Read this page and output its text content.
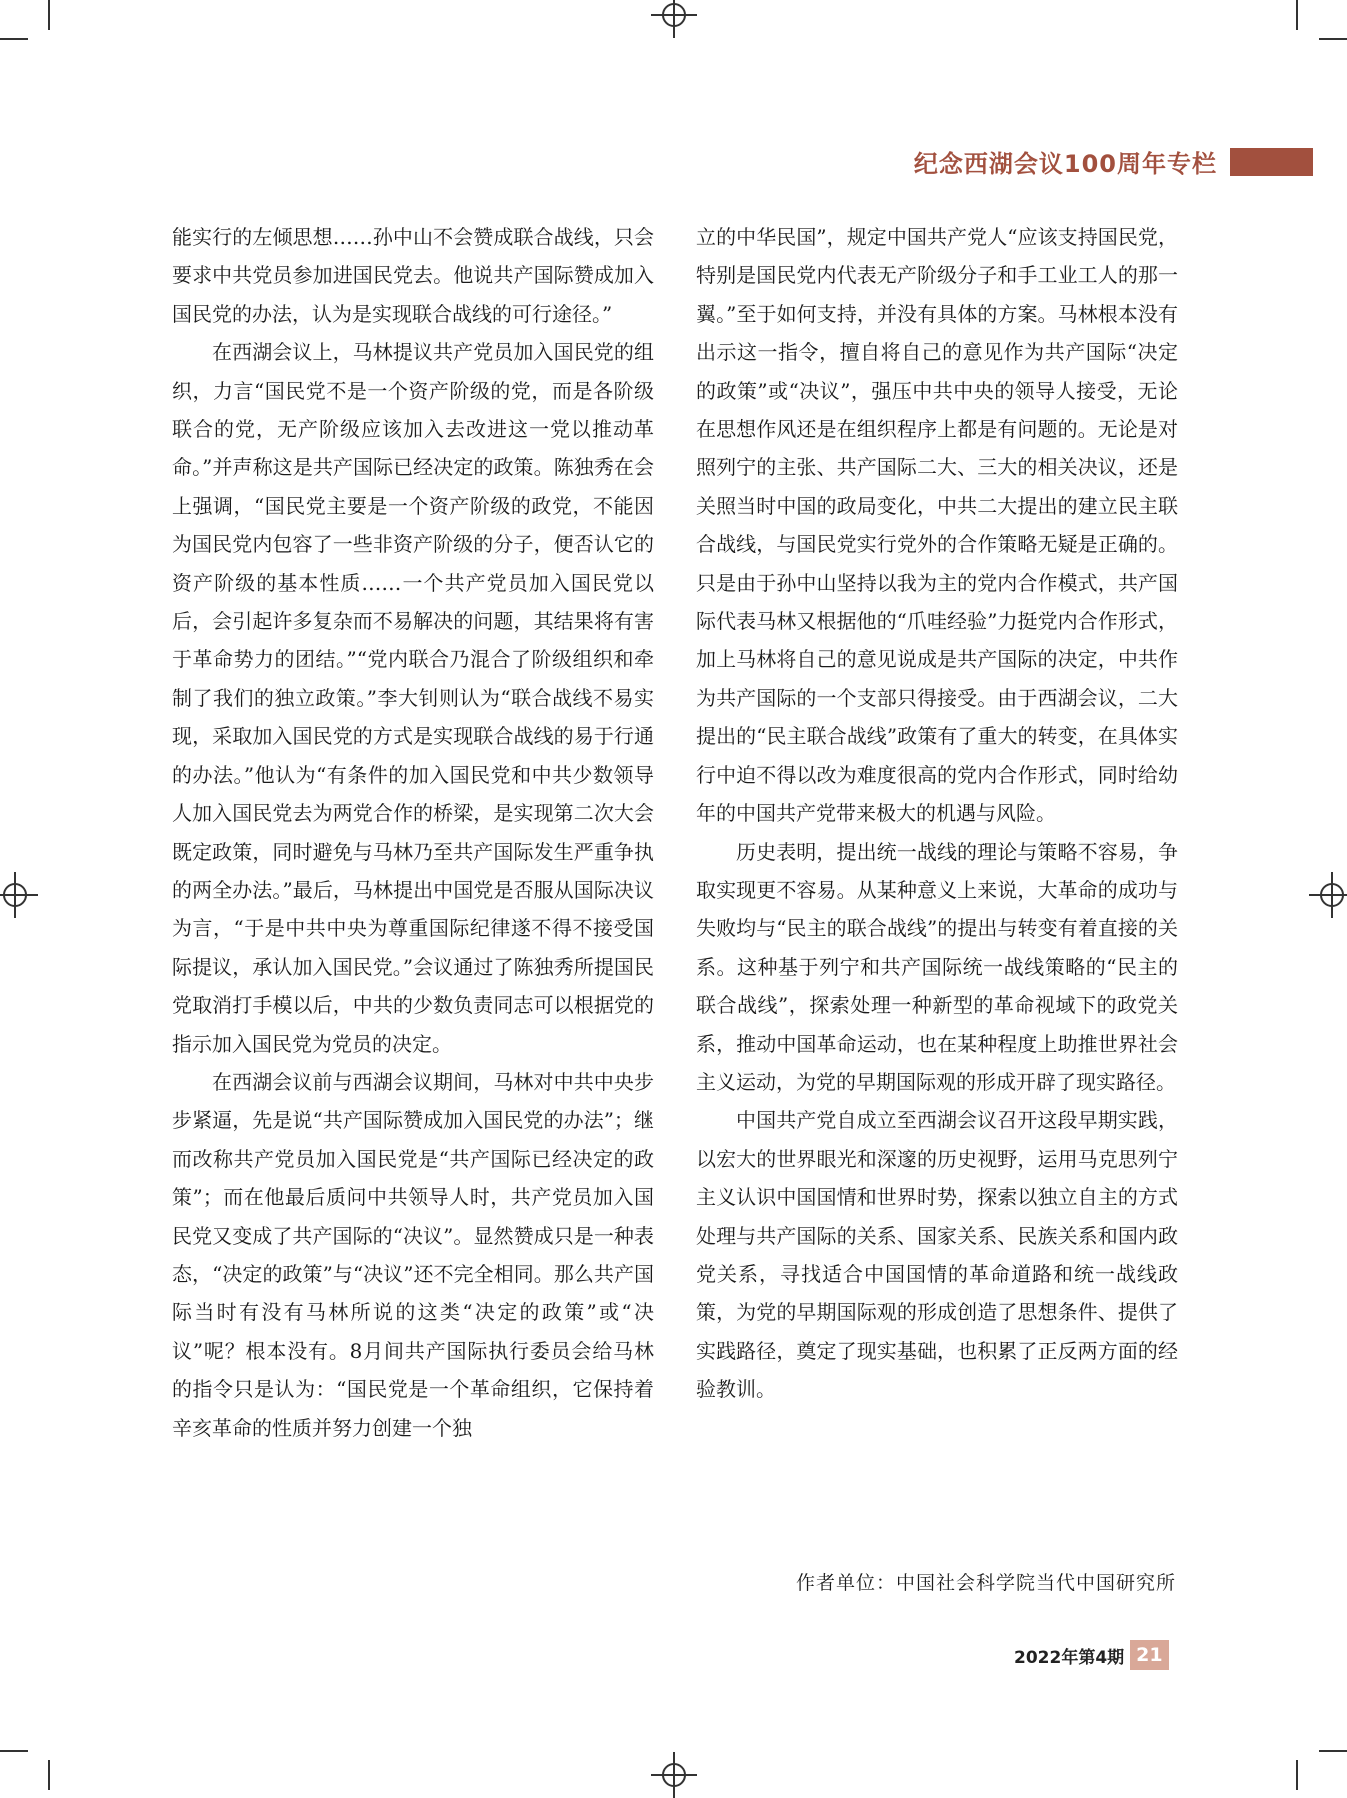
纪念西湖会议100周年专栏

能实行的左倾思想……孙中山不会赞成联合战线，只会要求中共党员参加进国民党去。他说共产国际赞成加入国民党的办法，认为是实现联合战线的可行途径。”

在西湖会议上，马林提议共产党员加入国民党的组织，力言“国民党不是一个资产阶级的党，而是各阶级联合的党，无产阶级应该加入去改进这一党以推动革命。”并声称这是共产国际已经决定的政策。陈独秀在会上强调，“国民党主要是一个资产阶级的政党，不能因为国民党内包容了一些非资产阶级的分子，便否认它的资产阶级的基本性质……一个共产党员加入国民党以后，会引起许多复杂而不易解决的问题，其结果将有害于革命势力的团结。”“党内联合乃混合了阶级组织和牵制了我们的独立政策。”李大钊则认为“联合战线不易实现，采取加入国民党的方式是实现联合战线的易于行通的办法。”他认为“有条件的加入国民党和中共少数领导人加入国民党去为两党合作的桥梁，是实现第二次大会既定政策，同时避免与马林乃至共产国际发生严重争执的两全办法。”最后，马林提出中国党是否服从国际决议为言，“于是中共中央为尊重国际纪律遂不得不接受国际提议，承认加入国民党。”会议通过了陈独秀所提国民党取消打手模以后，中共的少数负责同志可以根据党的指示加入国民党为党员的决定。

在西湖会议前与西湖会议期间，马林对中共中央步步紧逼，先是说“共产国际赞成加入国民党的办法”；继而改称共产党员加入国民党是“共产国际已经决定的政策”；而在他最后质问中共领导人时，共产党员加入国民党又变成了共产国际的“决议”。显然赞成只是一种表态，“决定的政策”与“决议”还不完全相同。那么共产国际当时有没有马林所说的这类“决定的政策”或“决议”呢？根本没有。8月间共产国际执行委员会给马林的指令只是认为：“国民党是一个革命组织，它保持着辛亥革命的性质并努力创建一个独

立的中华民国”，规定中国共产党人“应该支持国民党，特别是国民党内代表无产阶级分子和手工业工人的那一翼。”至于如何支持，并没有具体的方案。马林根本没有出示这一指令，擅自将自己的意见作为共产国际“决定的政策”或“决议”，强压中共中央的领导人接受，无论在思想作风还是在组织程序上都是有问题的。无论是对照列宁的主张、共产国际二大、三大的相关决议，还是关照当时中国的政局变化，中共二大提出的建立民主联合战线，与国民党实行党外的合作策略无疑是正确的。只是由于孙中山坚持以我为主的党内合作模式，共产国际代表马林又根据他的“爪哇经验”力挺党内合作形式，加上马林将自己的意见说成是共产国际的决定，中共作为共产国际的一个支部只得接受。由于西湖会议，二大提出的“民主联合战线”政策有了重大的转变，在具体实行中迫不得以改为难度很高的党内合作形式，同时给幼年的中国共产党带来极大的机遇与风险。

历史表明，提出统一战线的理论与策略不容易，争取实现更不容易。从某种意义上来说，大革命的成功与失败均与“民主的联合战线”的提出与转变有着直接的关系。这种基于列宁和共产国际统一战线策略的“民主的联合战线”，探索处理一种新型的革命视域下的政党关系，推动中国革命运动，也在某种程度上助推世界社会主义运动，为党的早期国际观的形成开辟了现实路径。

中国共产党自成立至西湖会议召开这段早期实践，以宏大的世界眼光和深邃的历史视野，运用马克思列宁主义认识中国国情和世界时势，探索以独立自主的方式处理与共产国际的关系、国家关系、民族关系和国内政党关系，寻找适合中国国情的革命道路和统一战线政策，为党的早期国际观的形成创造了思想条件、提供了实践路径，奠定了现实基础，也积累了正反两方面的经验教训。

作者单位：中国社会科学院当代中国研究所
2022年第4期 21
